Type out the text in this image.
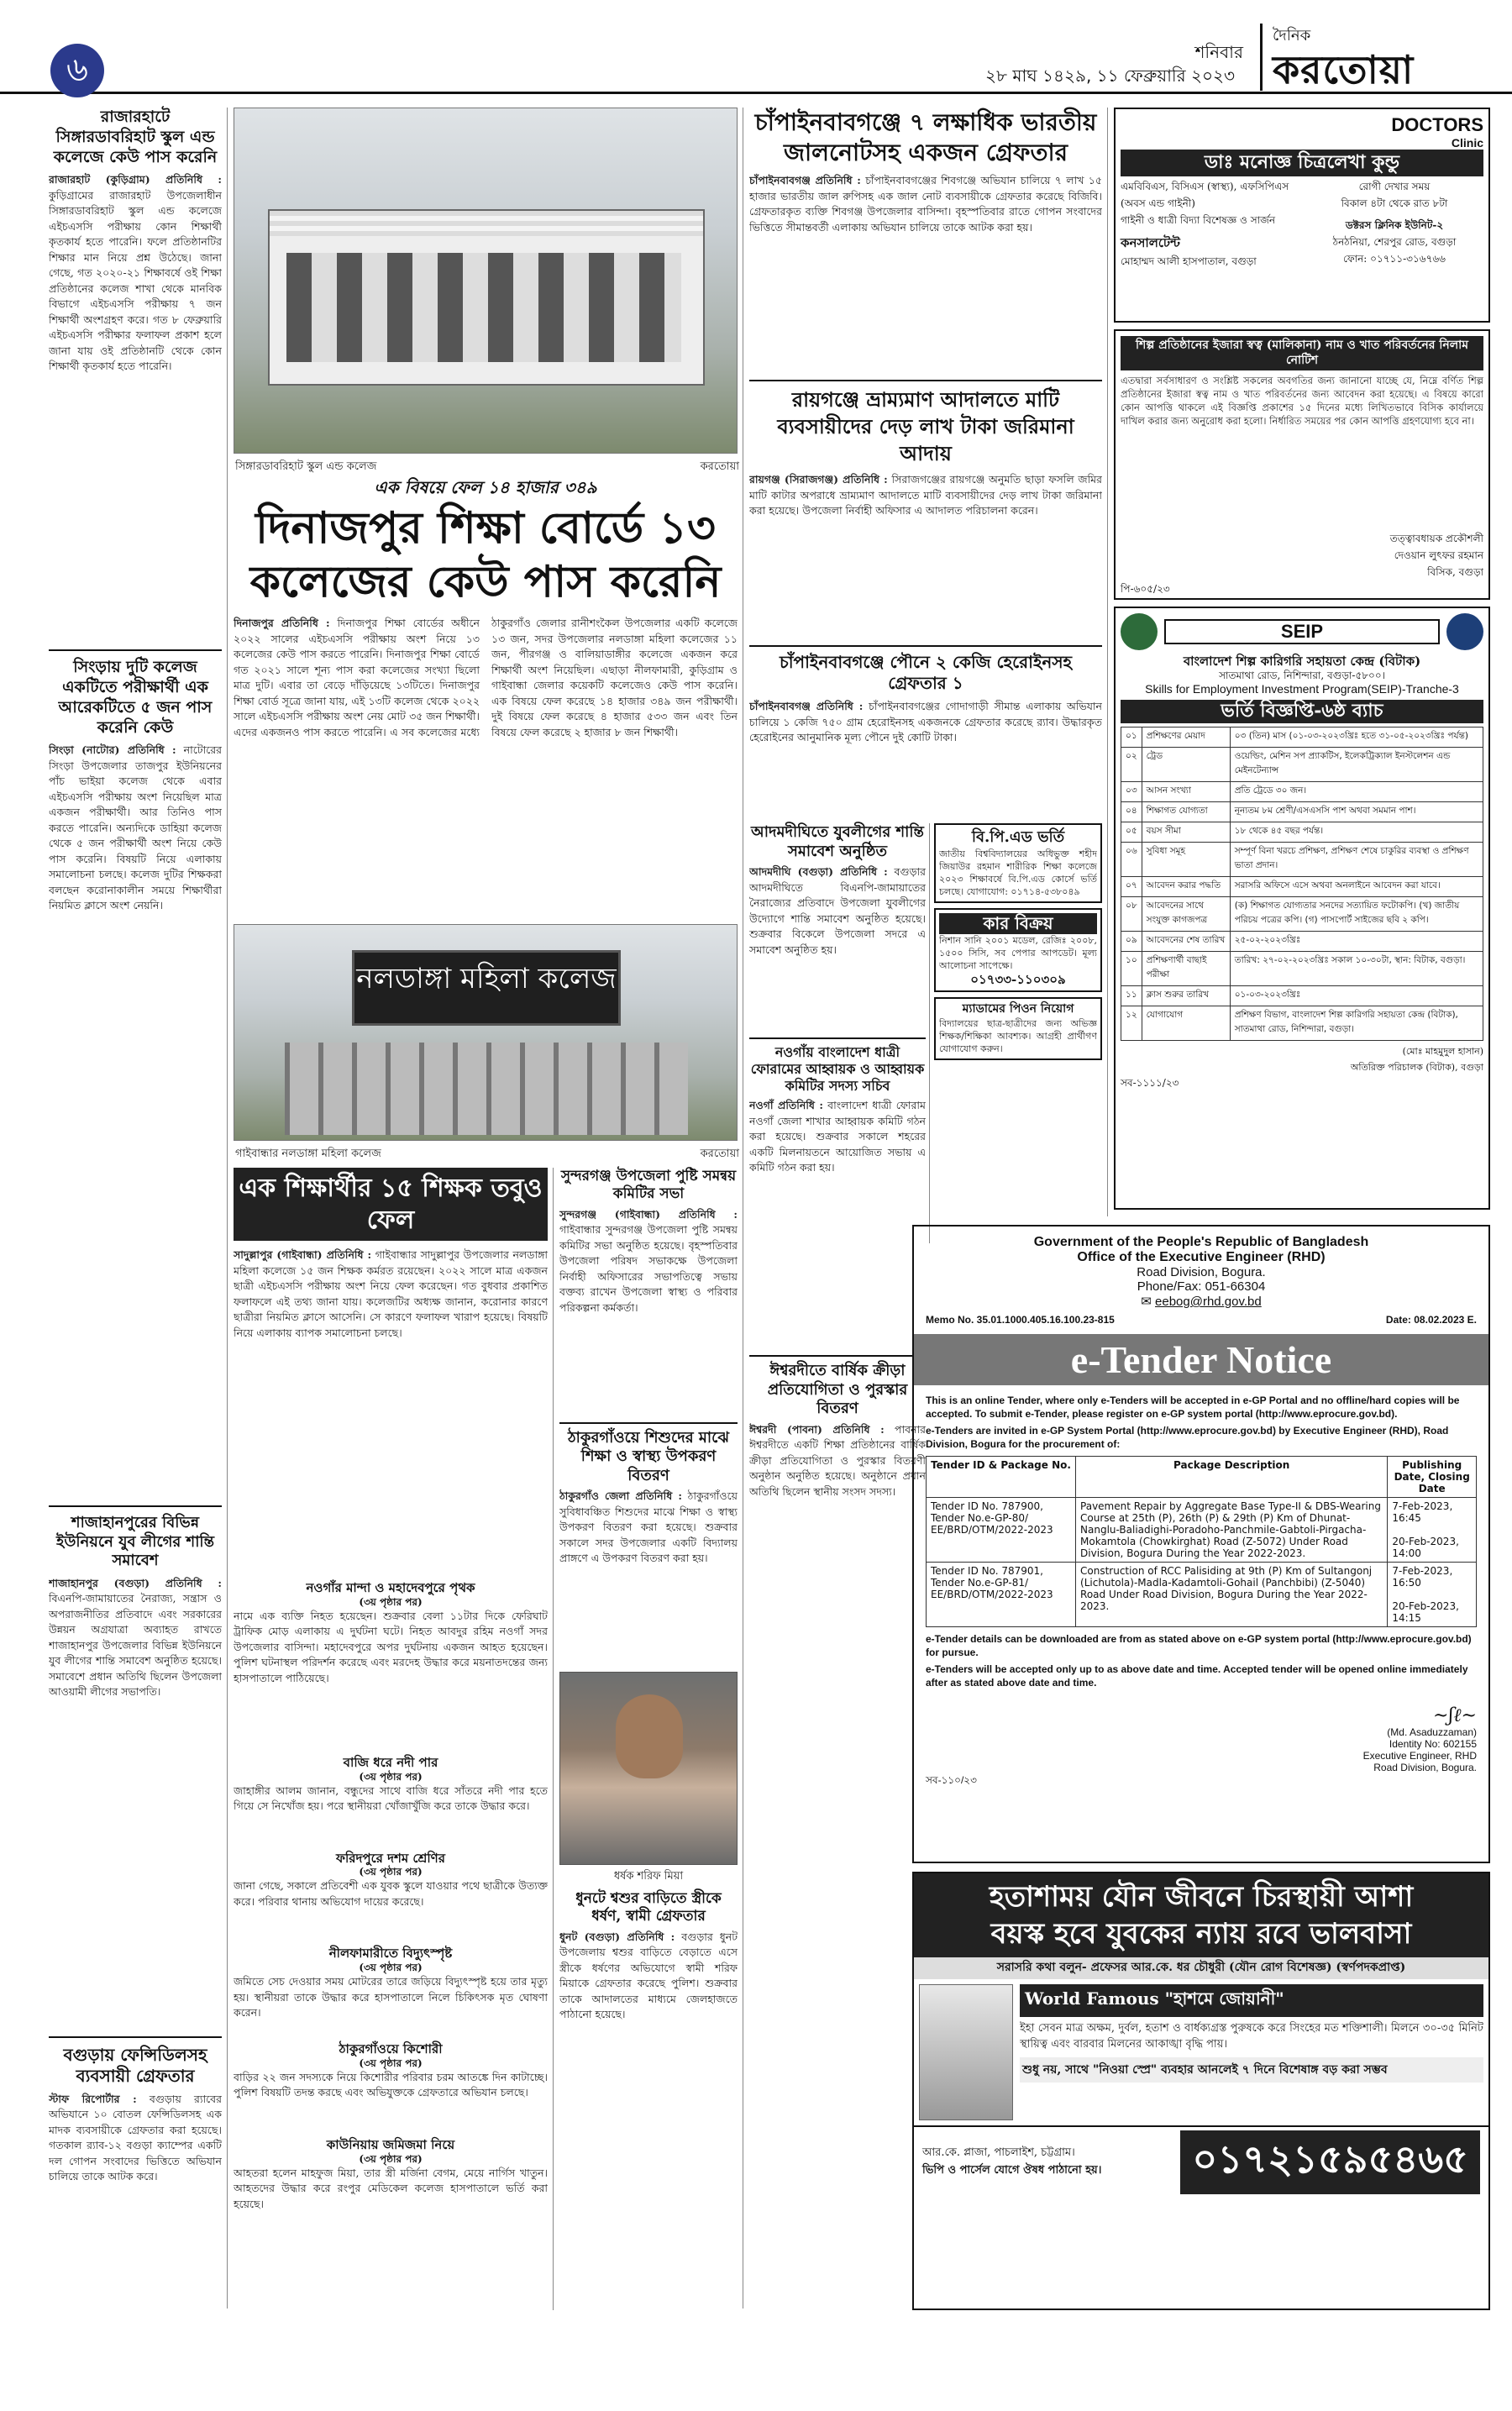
৬	শনিবার
২৮ মাঘ ১৪২৯, ১১ ফেব্রুয়ারি ২০২৩
দৈনিক
করতোয়া
রাজারহাটে সিঙ্গারডাবরিহাট স্কুল এন্ড কলেজে কেউ পাস করেনি
রাজারহাট (কুড়িগ্রাম) প্রতিনিধি : কুড়িগ্রামের রাজারহাট উপজেলাধীন সিঙ্গারডাবরিহাট স্কুল এন্ড কলেজে এইচএসসি পরীক্ষায় কোন শিক্ষার্থী কৃতকার্য হতে পারেনি। ফলে প্রতিষ্ঠানটির শিক্ষার মান নিয়ে প্রশ্ন উঠেছে। জানা গেছে, গত ২০২০-২১ শিক্ষাবর্ষে ওই শিক্ষা প্রতিষ্ঠানের কলেজ শাখা থেকে মানবিক বিভাগে এইচএসসি পরীক্ষায় ৭ জন শিক্ষার্থী অংশগ্রহণ করে। গত ৮ ফেব্রুয়ারি এইচএসসি পরীক্ষার ফলাফল প্রকাশ হলে জানা যায় ওই প্রতিষ্ঠানটি থেকে কোন শিক্ষার্থী কৃতকার্য হতে পারেনি।
সিংড়ায় দুটি কলেজ একটিতে পরীক্ষার্থী এক আরেকটিতে ৫ জন পাস করেনি কেউ
সিংড়া (নাটোর) প্রতিনিধি : নাটোরের সিংড়া উপজেলার তাজপুর ইউনিয়নের পাঁচ ভাইয়া কলেজ থেকে এবার এইচএসসি পরীক্ষায় অংশ নিয়েছিল মাত্র একজন পরীক্ষার্থী। আর তিনিও পাস করতে পারেনি। অন্যদিকে ডাহিয়া কলেজ থেকে ৫ জন পরীক্ষার্থী অংশ নিয়ে কেউ পাস করেনি। বিষয়টি নিয়ে এলাকায় সমালোচনা চলছে। কলেজ দুটির শিক্ষকরা বলছেন করোনাকালীন সময়ে শিক্ষার্থীরা নিয়মিত ক্লাসে অংশ নেয়নি।
শাজাহানপুরের বিভিন্ন ইউনিয়নে যুব লীগের শান্তি সমাবেশ
শাজাহানপুর (বগুড়া) প্রতিনিধি : বিএনপি-জামায়াতের নৈরাজ্য, সন্ত্রাস ও অপরাজনীতির প্রতিবাদে এবং সরকারের উন্নয়ন অগ্রযাত্রা অব্যাহত রাখতে শাজাহানপুর উপজেলার বিভিন্ন ইউনিয়নে যুব লীগের শান্তি সমাবেশ অনুষ্ঠিত হয়েছে। সমাবেশে প্রধান অতিথি ছিলেন উপজেলা আওয়ামী লীগের সভাপতি।
বগুড়ায় ফেন্সিডিলসহ ব্যবসায়ী গ্রেফতার
স্টাফ রিপোর্টার : বগুড়ায় র‌্যাবের অভিযানে ১০ বোতল ফেন্সিডিলসহ এক মাদক ব্যবসায়ীকে গ্রেফতার করা হয়েছে। গতকাল র‌্যাব-১২ বগুড়া ক্যাম্পের একটি দল গোপন সংবাদের ভিত্তিতে অভিযান চালিয়ে তাকে আটক করে।
সিঙ্গারডাবরিহাট স্কুল এন্ড কলেজ	করতোয়া
এক বিষয়ে ফেল ১৪ হাজার ৩৪৯
দিনাজপুর শিক্ষা বোর্ডে ১৩ কলেজের কেউ পাস করেনি
দিনাজপুর প্রতিনিধি : দিনাজপুর শিক্ষা বোর্ডের অধীনে ২০২২ সালের এইচএসসি পরীক্ষায় অংশ নিয়ে ১৩ কলেজের কেউ পাস করতে পারেনি। দিনাজপুর শিক্ষা বোর্ডে গত ২০২১ সালে শূন্য পাস করা কলেজের সংখ্যা ছিলো মাত্র দুটি। এবার তা বেড়ে দাঁড়িয়েছে ১৩টিতে। দিনাজপুর শিক্ষা বোর্ড সূত্রে জানা যায়, এই ১৩টি কলেজ থেকে ২০২২ সালে এইচএসসি পরীক্ষায় অংশ নেয় মোট ৩৫ জন শিক্ষার্থী। এদের একজনও পাস করতে পারেনি। এ সব কলেজের মধ্যে ঠাকুরগাঁও জেলার রানীশংকৈল উপজেলার একটি কলেজে ১৩ জন, সদর উপজেলার নলডাঙ্গা মহিলা কলেজের ১১ জন, পীরগঞ্জ ও বালিয়াডাঙ্গীর কলেজে একজন করে শিক্ষার্থী অংশ নিয়েছিল। এছাড়া নীলফামারী, কুড়িগ্রাম ও গাইবান্ধা জেলার কয়েকটি কলেজেও কেউ পাস করেনি। এক বিষয়ে ফেল করেছে ১৪ হাজার ৩৪৯ জন পরীক্ষার্থী। দুই বিষয়ে ফেল করেছে ৪ হাজার ৫৩৩ জন এবং তিন বিষয়ে ফেল করেছে ২ হাজার ৮ জন শিক্ষার্থী।
নলডাঙ্গা মহিলা কলেজ
গাইবান্ধার নলডাঙ্গা মহিলা কলেজ	করতোয়া
এক শিক্ষার্থীর ১৫ শিক্ষক তবুও ফেল
সাদুল্লাপুর (গাইবান্ধা) প্রতিনিধি : গাইবান্ধার সাদুল্লাপুর উপজেলার নলডাঙ্গা মহিলা কলেজে ১৫ জন শিক্ষক কর্মরত রয়েছেন। ২০২২ সালে মাত্র একজন ছাত্রী এইচএসসি পরীক্ষায় অংশ নিয়ে ফেল করেছেন। গত বুধবার প্রকাশিত ফলাফলে এই তথ্য জানা যায়। কলেজটির অধ্যক্ষ জানান, করোনার কারণে ছাত্রীরা নিয়মিত ক্লাসে আসেনি। সে কারণে ফলাফল খারাপ হয়েছে। বিষয়টি নিয়ে এলাকায় ব্যাপক সমালোচনা চলছে।
নওগাঁর মান্দা ও মহাদেবপুরে পৃথক
(৩য় পৃষ্ঠার পর)
নামে এক ব্যক্তি নিহত হয়েছেন। শুক্রবার বেলা ১১টার দিকে ফেরিঘাট ট্রাফিক মোড় এলাকায় এ দুর্ঘটনা ঘটে। নিহত আবদুর রহিম নওগাঁ সদর উপজেলার বাসিন্দা। মহাদেবপুরে অপর দুর্ঘটনায় একজন আহত হয়েছেন। পুলিশ ঘটনাস্থল পরিদর্শন করেছে এবং মরদেহ উদ্ধার করে ময়নাতদন্তের জন্য হাসপাতালে পাঠিয়েছে।
বাজি ধরে নদী পার
(৩য় পৃষ্ঠার পর)
জাহাঙ্গীর আলম জানান, বন্ধুদের সাথে বাজি ধরে সাঁতরে নদী পার হতে গিয়ে সে নিখোঁজ হয়। পরে স্থানীয়রা খোঁজাখুঁজি করে তাকে উদ্ধার করে।
ফরিদপুরে দশম শ্রেণির
(৩য় পৃষ্ঠার পর)
জানা গেছে, সকালে প্রতিবেশী এক যুবক স্কুলে যাওয়ার পথে ছাত্রীকে উত্যক্ত করে। পরিবার থানায় অভিযোগ দায়ের করেছে।
নীলফামারীতে বিদ্যুৎস্পৃষ্ট
(৩য় পৃষ্ঠার পর)
জমিতে সেচ দেওয়ার সময় মোটরের তারে জড়িয়ে বিদ্যুৎস্পৃষ্ট হয়ে তার মৃত্যু হয়। স্থানীয়রা তাকে উদ্ধার করে হাসপাতালে নিলে চিকিৎসক মৃত ঘোষণা করেন।
ঠাকুরগাঁওয়ে কিশোরী
(৩য় পৃষ্ঠার পর)
বাড়ির ২২ জন সদস্যকে নিয়ে কিশোরীর পরিবার চরম আতঙ্কে দিন কাটাচ্ছে। পুলিশ বিষয়টি তদন্ত করছে এবং অভিযুক্তকে গ্রেফতারে অভিযান চলছে।
কাউনিয়ায় জমিজমা নিয়ে
(৩য় পৃষ্ঠার পর)
আহতরা হলেন মাহফুজ মিয়া, তার স্ত্রী মর্জিনা বেগম, মেয়ে নার্গিস খাতুন। আহতদের উদ্ধার করে রংপুর মেডিকেল কলেজ হাসপাতালে ভর্তি করা হয়েছে।
সুন্দরগঞ্জ উপজেলা পুষ্টি সমন্বয় কমিটির সভা
সুন্দরগঞ্জ (গাইবান্ধা) প্রতিনিধি : গাইবান্ধার সুন্দরগঞ্জ উপজেলা পুষ্টি সমন্বয় কমিটির সভা অনুষ্ঠিত হয়েছে। বৃহস্পতিবার উপজেলা পরিষদ সভাকক্ষে উপজেলা নির্বাহী অফিসারের সভাপতিত্বে সভায় বক্তব্য রাখেন উপজেলা স্বাস্থ্য ও পরিবার পরিকল্পনা কর্মকর্তা।
ঠাকুরগাঁওয়ে শিশুদের মাঝে শিক্ষা ও স্বাস্থ্য উপকরণ বিতরণ
ঠাকুরগাঁও জেলা প্রতিনিধি : ঠাকুরগাঁওয়ে সুবিধাবঞ্চিত শিশুদের মাঝে শিক্ষা ও স্বাস্থ্য উপকরণ বিতরণ করা হয়েছে। শুক্রবার সকালে সদর উপজেলার একটি বিদ্যালয় প্রাঙ্গণে এ উপকরণ বিতরণ করা হয়।
ধর্ষক শরিফ মিয়া
ধুনটে শ্বশুর বাড়িতে স্ত্রীকে ধর্ষণ, স্বামী গ্রেফতার
ধুনট (বগুড়া) প্রতিনিধি : বগুড়ার ধুনট উপজেলায় শ্বশুর বাড়িতে বেড়াতে এসে স্ত্রীকে ধর্ষণের অভিযোগে স্বামী শরিফ মিয়াকে গ্রেফতার করেছে পুলিশ। শুক্রবার তাকে আদালতের মাধ্যমে জেলহাজতে পাঠানো হয়েছে।
চাঁপাইনবাবগঞ্জে ৭ লক্ষাধিক ভারতীয় জালনোটসহ একজন গ্রেফতার
চাঁপাইনবাবগঞ্জ প্রতিনিধি : চাঁপাইনবাবগঞ্জের শিবগঞ্জে অভিযান চালিয়ে ৭ লাখ ১৫ হাজার ভারতীয় জাল রুপিসহ এক জাল নোট ব্যবসায়ীকে গ্রেফতার করেছে বিজিবি। গ্রেফতারকৃত ব্যক্তি শিবগঞ্জ উপজেলার বাসিন্দা। বৃহস্পতিবার রাতে গোপন সংবাদের ভিত্তিতে সীমান্তবর্তী এলাকায় অভিযান চালিয়ে তাকে আটক করা হয়।
রায়গঞ্জে ভ্রাম্যমাণ আদালতে মাটি ব্যবসায়ীদের দেড় লাখ টাকা জরিমানা আদায়
রায়গঞ্জ (সিরাজগঞ্জ) প্রতিনিধি : সিরাজগঞ্জের রায়গঞ্জে অনুমতি ছাড়া ফসলি জমির মাটি কাটার অপরাধে ভ্রাম্যমাণ আদালতে মাটি ব্যবসায়ীদের দেড় লাখ টাকা জরিমানা করা হয়েছে। উপজেলা নির্বাহী অফিসার এ আদালত পরিচালনা করেন।
চাঁপাইনবাবগঞ্জে পৌনে ২ কেজি হেরোইনসহ গ্রেফতার ১
চাঁপাইনবাবগঞ্জ প্রতিনিধি : চাঁপাইনবাবগঞ্জের গোদাগাড়ী সীমান্ত এলাকায় অভিযান চালিয়ে ১ কেজি ৭৫০ গ্রাম হেরোইনসহ একজনকে গ্রেফতার করেছে র‌্যাব। উদ্ধারকৃত হেরোইনের আনুমানিক মূল্য পৌনে দুই কোটি টাকা।
আদমদীঘিতে যুবলীগের শান্তি সমাবেশ অনুষ্ঠিত
আদমদীঘি (বগুড়া) প্রতিনিধি : বগুড়ার আদমদীঘিতে বিএনপি-জামায়াতের নৈরাজ্যের প্রতিবাদে উপজেলা যুবলীগের উদ্যোগে শান্তি সমাবেশ অনুষ্ঠিত হয়েছে। শুক্রবার বিকেলে উপজেলা সদরে এ সমাবেশ অনুষ্ঠিত হয়।
নওগাঁয় বাংলাদেশ ধাত্রী ফোরামের আহ্বায়ক ও আহ্বায়ক কমিটির সদস্য সচিব
নওগাঁ প্রতিনিধি : বাংলাদেশ ধাত্রী ফোরাম নওগাঁ জেলা শাখার আহ্বায়ক কমিটি গঠন করা হয়েছে। শুক্রবার সকালে শহরের একটি মিলনায়তনে আয়োজিত সভায় এ কমিটি গঠন করা হয়।
ঈশ্বরদীতে বার্ষিক ক্রীড়া প্রতিযোগিতা ও পুরস্কার বিতরণ
ঈশ্বরদী (পাবনা) প্রতিনিধি : পাবনার ঈশ্বরদীতে একটি শিক্ষা প্রতিষ্ঠানের বার্ষিক ক্রীড়া প্রতিযোগিতা ও পুরস্কার বিতরণী অনুষ্ঠান অনুষ্ঠিত হয়েছে। অনুষ্ঠানে প্রধান অতিথি ছিলেন স্থানীয় সংসদ সদস্য।
বি.পি.এড ভর্তি
জাতীয় বিশ্ববিদ্যালয়ের অধিভুক্ত শহীদ জিয়াউর রহমান শারীরিক শিক্ষা কলেজে ২০২৩ শিক্ষাবর্ষে বি.পি.এড কোর্সে ভর্তি চলছে। যোগাযোগ: ০১৭১৪-৫৩৮০৪৯
কার বিক্রয়
নিশান সানি ২০০১ মডেল, রেজিঃ ২০০৮, ১৫০০ সিসি, সব পেপার আপডেট। মূল্য আলোচনা সাপেক্ষে।
০১৭৩৩-১১০৩০৯
ম্যাডামের পিওন নিয়োগ
বিদ্যালয়ের ছাত্র-ছাত্রীদের জন্য অভিজ্ঞ শিক্ষক/শিক্ষিকা আবশ্যক। আগ্রহী প্রার্থীগণ যোগাযোগ করুন।
DOCTORS
Clinic
ডাঃ মনোজ্ঞ চিত্রলেখা কুন্ডু
এমবিবিএস, বিসিএস (স্বাস্থ্য), এফসিপিএস (অবস এন্ড গাইনী)
গাইনী ও ধাত্রী বিদ্যা বিশেষজ্ঞ ও সার্জন
কনসালটেন্ট
মোহাম্মদ আলী হাসপাতাল, বগুড়া
রোগী দেখার সময়
বিকাল ৪টা থেকে রাত ৮টা
ডক্টরস ক্লিনিক ইউনিট-২
ঠনঠনিয়া, শেরপুর রোড, বগুড়া
ফোন: ০১৭১১-৩১৬৭৬৬
শিল্প প্রতিষ্ঠানের ইজারা স্বত্ব (মালিকানা) নাম ও খাত পরিবর্তনের নিলাম নোটিশ
এতদ্বারা সর্বসাধারণ ও সংশ্লিষ্ট সকলের অবগতির জন্য জানানো যাচ্ছে যে, নিম্নে বর্ণিত শিল্প প্রতিষ্ঠানের ইজারা স্বত্ব নাম ও খাত পরিবর্তনের জন্য আবেদন করা হয়েছে। এ বিষয়ে কারো কোন আপত্তি থাকলে এই বিজ্ঞপ্তি প্রকাশের ১৫ দিনের মধ্যে লিখিতভাবে বিসিক কার্যালয়ে দাখিল করার জন্য অনুরোধ করা হলো। নির্ধারিত সময়ের পর কোন আপত্তি গ্রহণযোগ্য হবে না।
তত্ত্বাবধায়ক প্রকৌশলী
দেওয়ান লুৎফর রহমান
বিসিক, বগুড়া
পি-৬০৫/২৩
SEIP
বাংলাদেশ শিল্প কারিগরি সহায়তা কেন্দ্র (বিটাক)
সাতমাথা রোড, নিশিন্দারা, বগুড়া-৫৮০০।
Skills for Employment Investment Program(SEIP)-Tranche-3
ভর্তি বিজ্ঞপ্তি-৬ষ্ঠ ব্যাচ
০১	প্রশিক্ষণের মেয়াদ	০৩ (তিন) মাস (০১-০৩-২০২৩খ্রিঃ হতে ৩১-০৫-২০২৩খ্রিঃ পর্যন্ত)
০২	ট্রেড	ওয়েল্ডিং, মেশিন সপ প্র্যাকটিস, ইলেকট্রিক্যাল ইনস্টলেশন এন্ড মেইনটেন্যান্স
০৩	আসন সংখ্যা	প্রতি ট্রেডে ৩০ জন।
০৪	শিক্ষাগত যোগ্যতা	নূন্যতম ৮ম শ্রেণী/এসএসসি পাশ অথবা সমমান পাশ।
০৫	বয়স সীমা	১৮ থেকে ৪৫ বছর পর্যন্ত।
০৬	সুবিধা সমূহ	সম্পূর্ণ বিনা খরচে প্রশিক্ষণ, প্রশিক্ষণ শেষে চাকুরির ব্যবস্থা ও প্রশিক্ষণ ভাতা প্রদান।
০৭	আবেদন করার পদ্ধতি	সরাসরি অফিসে এসে অথবা অনলাইনে আবেদন করা যাবে।
০৮	আবেদনের সাথে সংযুক্ত কাগজপত্র	(ক) শিক্ষাগত যোগ্যতার সনদের সত্যায়িত ফটোকপি। (খ) জাতীয় পরিচয় পত্রের কপি। (গ) পাসপোর্ট সাইজের ছবি ২ কপি।
০৯	আবেদনের শেষ তারিখ	২৫-০২-২০২৩খ্রিঃ
১০	প্রশিক্ষণার্থী বাছাই পরীক্ষা	তারিখ: ২৭-০২-২০২৩খ্রিঃ সকাল ১০-৩০টা, স্থান: বিটাক, বগুড়া।
১১	ক্লাস শুরুর তারিখ	০১-০৩-২০২৩খ্রিঃ
১২	যোগাযোগ	প্রশিক্ষণ বিভাগ, বাংলাদেশ শিল্প কারিগরি সহায়তা কেন্দ্র (বিটাক), সাতমাথা রোড, নিশিন্দারা, বগুড়া।
(মোঃ মাহমুদুল হাসান)
অতিরিক্ত পরিচালক (বিটাক), বগুড়া
সব-১১১১/২৩
Government of the People's Republic of Bangladesh
Office of the Executive Engineer (RHD)
Road Division, Bogura.
Phone/Fax: 051-66304
✉ eebog@rhd.gov.bd
Memo No. 35.01.1000.405.16.100.23-815	Date: 08.02.2023 E.
e-Tender Notice
This is an online Tender, where only e-Tenders will be accepted in e-GP Portal and no offline/hard copies will be accepted. To submit e-Tender, please register on e-GP system portal (http://www.eprocure.gov.bd).
e-Tenders are invited in e-GP System Portal (http://www.eprocure.gov.bd) by Executive Engineer (RHD), Road Division, Bogura for the procurement of:
Tender ID & Package No.	Package Description	Publishing Date, Closing Date
Tender ID No. 787900, Tender No.e-GP-80/ EE/BRD/OTM/2022-2023	Pavement Repair by Aggregate Base Type-II & DBS-Wearing Course at 25th (P), 26th (P) & 29th (P) Km of Dhunat-Nanglu-Baliadighi-Poradoho-Panchmile-Gabtoli-Pirgacha-Mokamtola (Chowkirghat) Road (Z-5072) Under Road Division, Bogura During the Year 2022-2023.	7-Feb-2023, 16:45
20-Feb-2023, 14:00

Tender ID No. 787901, Tender No.e-GP-81/ EE/BRD/OTM/2022-2023	Construction of RCC Palisiding at 9th (P) Km of Sultangonj (Lichutola)-Madla-Kadamtoli-Gohail (Panchbibi) (Z-5040) Road Under Road Division, Bogura During the Year 2022-2023.	7-Feb-2023, 16:50
20-Feb-2023, 14:15
e-Tender details can be downloaded are from as stated above on e-GP system portal (http://www.eprocure.gov.bd) for pursue.
e-Tenders will be accepted only up to as above date and time. Accepted tender will be opened online immediately after as stated above date and time.
~ʃℓ~
(Md. Asaduzzaman)
Identity No: 602155
Executive Engineer, RHD
Road Division, Bogura.
সব-১১০/২৩
হতাশাময় যৌন জীবনে চিরস্থায়ী আশা
বয়স্ক হবে যুবকের ন্যায় রবে ভালবাসা
সরাসরি কথা বলুন- প্রফেসর আর.কে. ধর চৌধুরী (যৌন রোগ বিশেষজ্ঞ) (স্বর্ণপদকপ্রাপ্ত)
World Famous "হাশমে জোয়ানী"
ইহা সেবন মাত্র অক্ষম, দুর্বল, হতাশ ও বার্ধক্যগ্রস্ত পুরুষকে করে সিংহের মত শক্তিশালী। মিলনে ৩০-৩৫ মিনিট স্থায়িত্ব এবং বারবার মিলনের আকাঙ্খা বৃদ্ধি পায়।
শুধু নয়, সাথে "নিওয়া স্প্রে" ব্যবহার আনলেই ৭ দিনে বিশেষাঙ্গ বড় করা সম্ভব
আর.কে. প্লাজা, পাচলাইশ, চট্টগ্রাম।
ভিপি ও পার্সেল যোগে ঔষধ পাঠানো হয়।	০১৭২১৫৯৫৪৬৫
